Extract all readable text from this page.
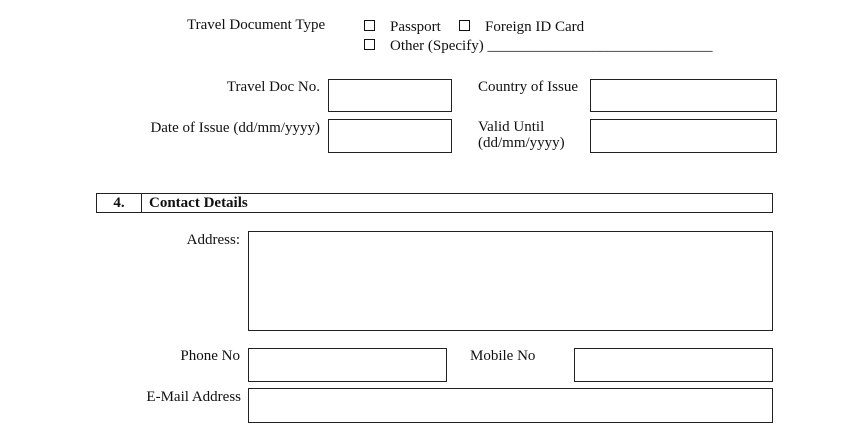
Travel Document Type	Passport	Foreign ID Card
Other (Specify) ______________________________
Travel Doc No.	Country of Issue
Date of Issue (dd/mm/yyyy)	Valid Until
(dd/mm/yyyy)
4.	Contact Details
Address:
Phone No	Mobile No
E-Mail Address
